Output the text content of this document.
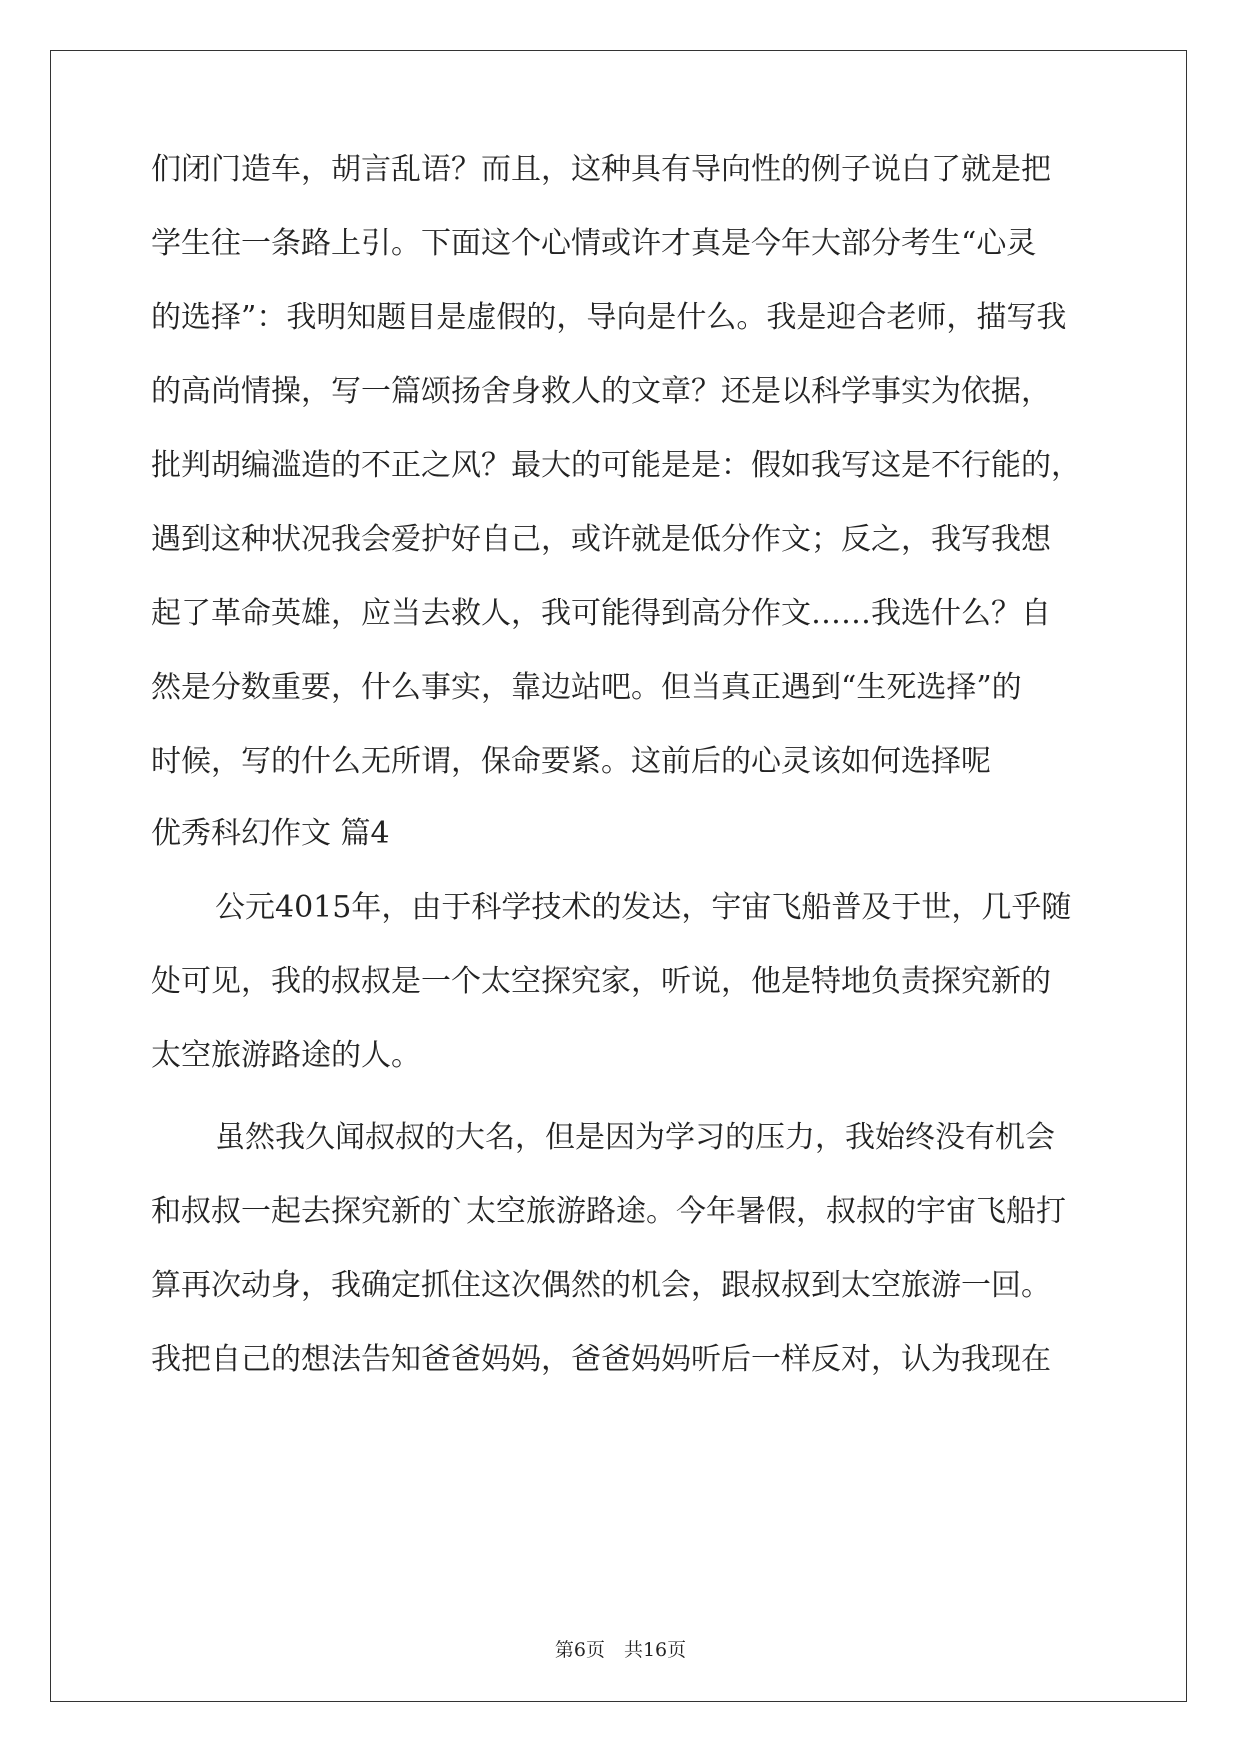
们闭门造车，胡言乱语？而且，这种具有导向性的例子说白了就是把
学生往一条路上引。下面这个心情或许才真是今年大部分考生“心灵
的选择”：我明知题目是虚假的，导向是什么。我是迎合老师，描写我
的高尚情操，写一篇颂扬舍身救人的文章？还是以科学事实为依据，
批判胡编滥造的不正之风？最大的可能是是：假如我写这是不行能的，
遇到这种状况我会爱护好自己，或许就是低分作文；反之，我写我想
起了革命英雄，应当去救人，我可能得到高分作文……我选什么？自
然是分数重要，什么事实，靠边站吧。但当真正遇到“生死选择”的
时候，写的什么无所谓，保命要紧。这前后的心灵该如何选择呢
优秀科幻作文 篇4
公元4015年，由于科学技术的发达，宇宙飞船普及于世，几乎随
处可见，我的叔叔是一个太空探究家，听说，他是特地负责探究新的
太空旅游路途的人。
虽然我久闻叔叔的大名，但是因为学习的压力，我始终没有机会
和叔叔一起去探究新的`太空旅游路途。今年暑假，叔叔的宇宙飞船打
算再次动身，我确定抓住这次偶然的机会，跟叔叔到太空旅游一回。
我把自己的想法告知爸爸妈妈，爸爸妈妈听后一样反对，认为我现在
第6页　共16页
